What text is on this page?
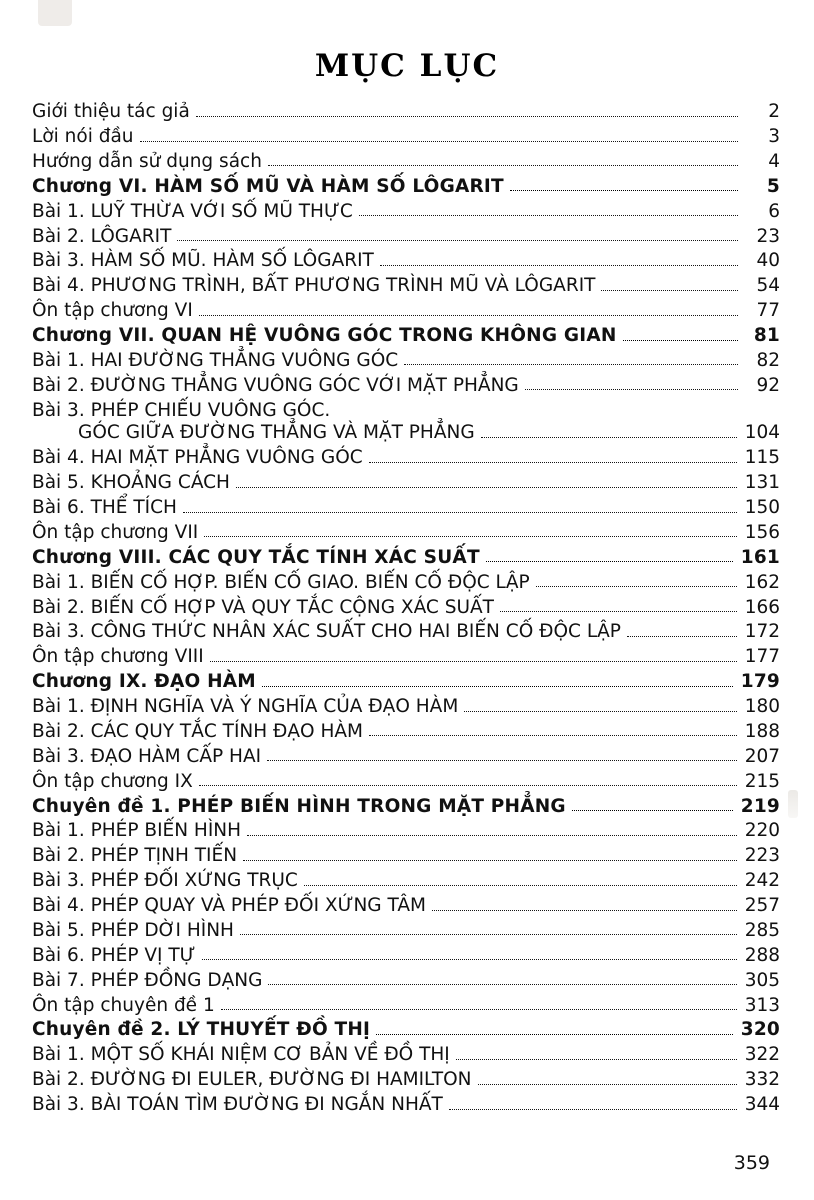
MỤC LỤC
Giới thiệu tác giả	2
Lời nói đầu	3
Hướng dẫn sử dụng sách	4
Chương VI. HÀM SỐ MŨ VÀ HÀM SỐ LÔGARIT	5
Bài 1. LUỸ THỪA VỚI SỐ MŨ THỰC	6
Bài 2. LÔGARIT	23
Bài 3. HÀM SỐ MŨ. HÀM SỐ LÔGARIT	40
Bài 4. PHƯƠNG TRÌNH, BẤT PHƯƠNG TRÌNH MŨ VÀ LÔGARIT	54
Ôn tập chương VI	77
Chương VII. QUAN HỆ VUÔNG GÓC TRONG KHÔNG GIAN	81
Bài 1. HAI ĐƯỜNG THẲNG VUÔNG GÓC	82
Bài 2. ĐƯỜNG THẲNG VUÔNG GÓC VỚI MẶT PHẲNG	92
Bài 3. PHÉP CHIẾU VUÔNG GÓC.
GÓC GIỮA ĐƯỜNG THẲNG VÀ MẶT PHẲNG	104
Bài 4. HAI MẶT PHẲNG VUÔNG GÓC	115
Bài 5. KHOẢNG CÁCH	131
Bài 6. THỂ TÍCH	150
Ôn tập chương VII	156
Chương VIII. CÁC QUY TẮC TÍNH XÁC SUẤT	161
Bài 1. BIẾN CỐ HỢP. BIẾN CỐ GIAO. BIẾN CỐ ĐỘC LẬP	162
Bài 2. BIẾN CỐ HỢP VÀ QUY TẮC CỘNG XÁC SUẤT	166
Bài 3. CÔNG THỨC NHÂN XÁC SUẤT CHO HAI BIẾN CỐ ĐỘC LẬP	172
Ôn tập chương VIII	177
Chương IX. ĐẠO HÀM	179
Bài 1. ĐỊNH NGHĨA VÀ Ý NGHĨA CỦA ĐẠO HÀM	180
Bài 2. CÁC QUY TẮC TÍNH ĐẠO HÀM	188
Bài 3. ĐẠO HÀM CẤP HAI	207
Ôn tập chương IX	215
Chuyên đề 1. PHÉP BIẾN HÌNH TRONG MẶT PHẲNG	219
Bài 1. PHÉP BIẾN HÌNH	220
Bài 2. PHÉP TỊNH TIẾN	223
Bài 3. PHÉP ĐỐI XỨNG TRỤC	242
Bài 4. PHÉP QUAY VÀ PHÉP ĐỐI XỨNG TÂM	257
Bài 5. PHÉP DỜI HÌNH	285
Bài 6. PHÉP VỊ TỰ	288
Bài 7. PHÉP ĐỒNG DẠNG	305
Ôn tập chuyên đề 1	313
Chuyên đề 2. LÝ THUYẾT ĐỒ THỊ	320
Bài 1. MỘT SỐ KHÁI NIỆM CƠ BẢN VỀ ĐỒ THỊ	322
Bài 2. ĐƯỜNG ĐI EULER, ĐƯỜNG ĐI HAMILTON	332
Bài 3. BÀI TOÁN TÌM ĐƯỜNG ĐI NGẮN NHẤT	344
359
